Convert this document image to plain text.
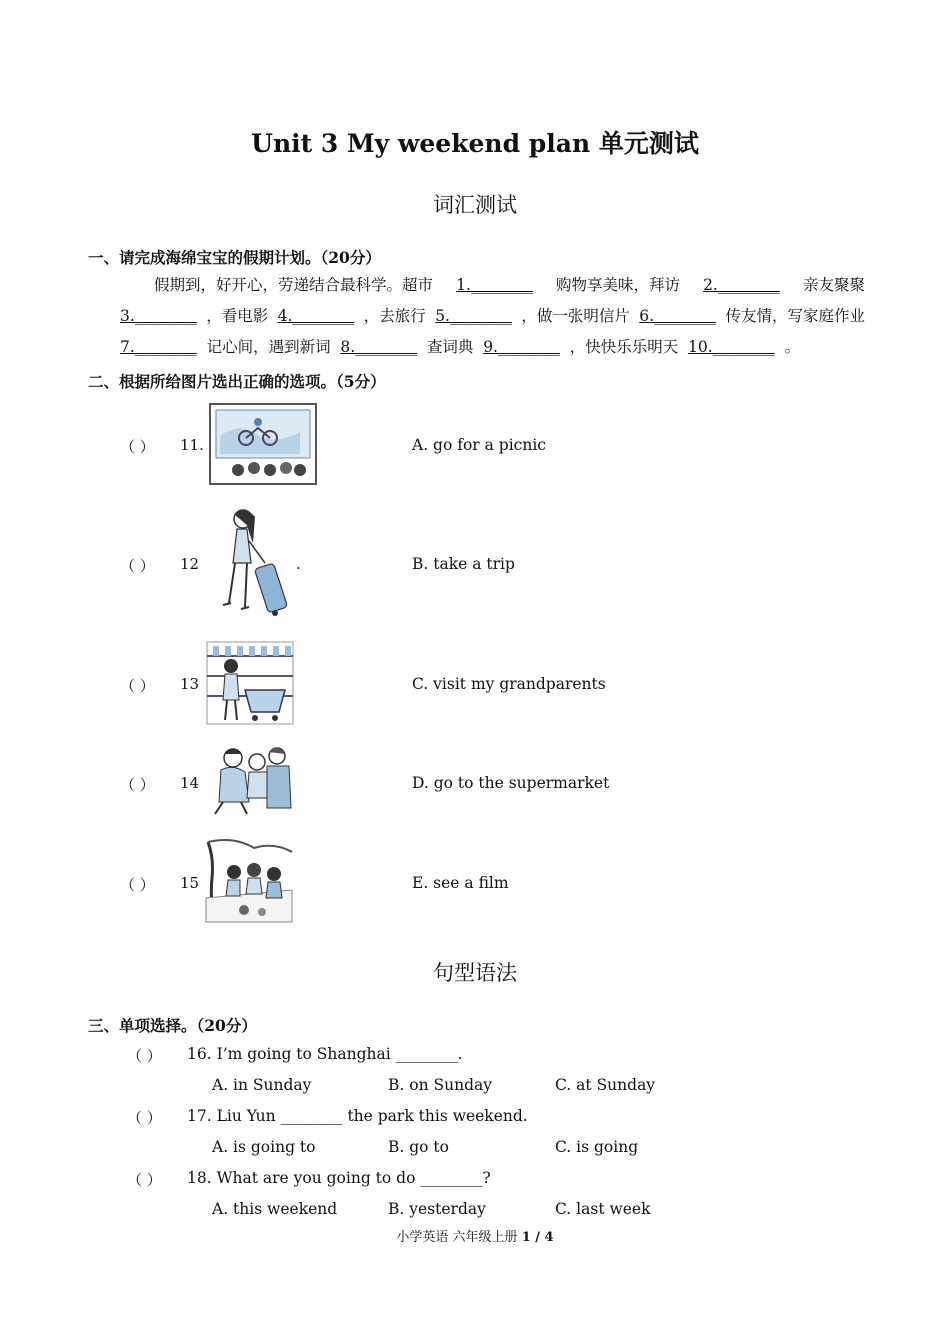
Unit 3 My weekend plan 单元测试
词汇测试
一、请完成海绵宝宝的假期计划。（20分）
假期到，好开心，劳递结合最科学。超市 1.________ 购物享美味，拜访 2.________ 亲友聚聚
3.________ ，看电影 4.________ ，去旅行 5.________ ，做一张明信片 6.________ 传友情，写家庭作业
7.________ 记心间，遇到新词 8.________ 查词典 9.________ ，快快乐乐明天 10.________ 。
二、根据所给图片选出正确的选项。（5分）
（ ） 11.	A. go for a picnic
（ ） 12	.	B. take a trip
（ ） 13	C. visit my grandparents
（ ） 14	D. go to the supermarket
（ ） 15	E. see a film
句型语法
三、单项选择。（20分）
（ ） 16. I’m going to Shanghai ________.
A. in Sunday	B. on Sunday	C. at Sunday
（ ） 17. Liu Yun ________ the park this weekend.
A. is going to	B. go to	C. is going
（ ） 18. What are you going to do ________?
A. this weekend	B. yesterday	C. last week
小学英语 六年级上册 1 / 4
